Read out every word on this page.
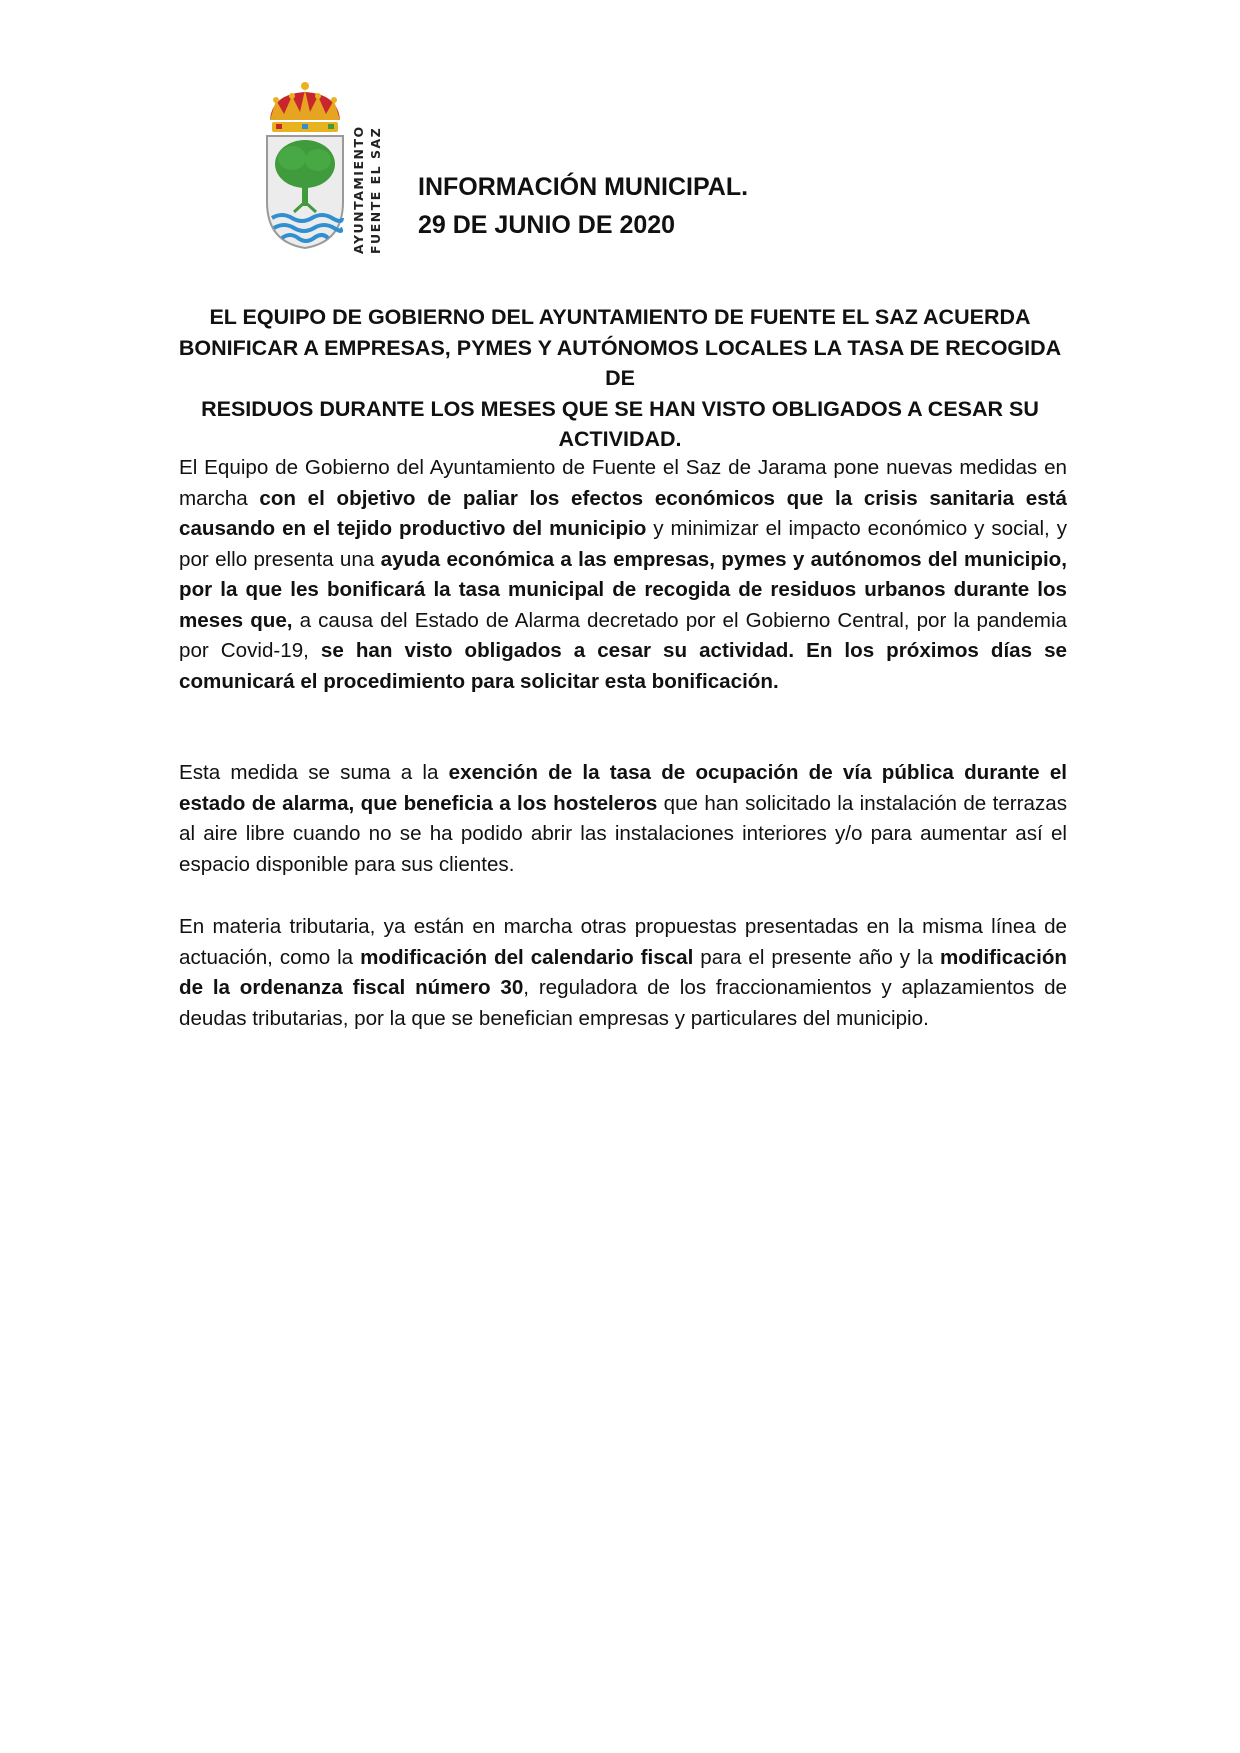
AYUNTAMIENTO FUENTE EL SAZ INFORMACIÓN MUNICIPAL.
29 DE JUNIO DE 2020
EL EQUIPO DE GOBIERNO DEL AYUNTAMIENTO DE FUENTE EL SAZ ACUERDA
BONIFICAR A EMPRESAS, PYMES Y AUTÓNOMOS LOCALES LA TASA DE RECOGIDA DE
RESIDUOS DURANTE LOS MESES QUE SE HAN VISTO OBLIGADOS A CESAR SU
ACTIVIDAD.
El Equipo de Gobierno del Ayuntamiento de Fuente el Saz de Jarama pone nuevas medidas en marcha con el objetivo de paliar los efectos económicos que la crisis sanitaria está causando en el tejido productivo del municipio y minimizar el impacto económico y social, y por ello presenta una ayuda económica a las empresas, pymes y autónomos del municipio, por la que les bonificará la tasa municipal de recogida de residuos urbanos durante los meses que, a causa del Estado de Alarma decretado por el Gobierno Central, por la pandemia por Covid-19, se han visto obligados a cesar su actividad. En los próximos días se comunicará el procedimiento para solicitar esta bonificación.
Esta medida se suma a la exención de la tasa de ocupación de vía pública durante el estado de alarma, que beneficia a los hosteleros que han solicitado la instalación de terrazas al aire libre cuando no se ha podido abrir las instalaciones interiores y/o para aumentar así el espacio disponible para sus clientes.
En materia tributaria, ya están en marcha otras propuestas presentadas en la misma línea de actuación, como la modificación del calendario fiscal para el presente año y la modificación de la ordenanza fiscal número 30, reguladora de los fraccionamientos y aplazamientos de deudas tributarias, por la que se benefician empresas y particulares del municipio.
